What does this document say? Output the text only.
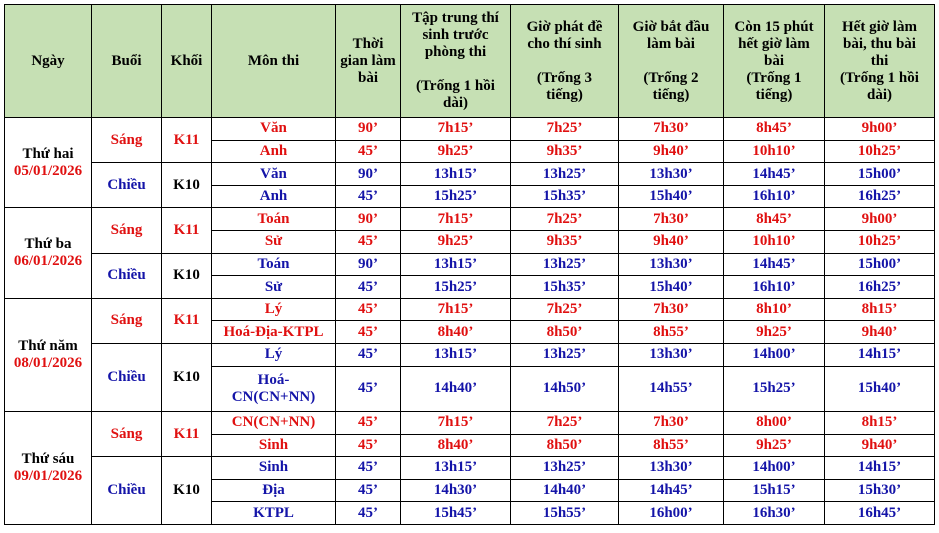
Ngày	Buổi	Khối	Môn thi	Thời
gian làm
bài	Tập trung thí
sinh trước
phòng thi

(Trống 1 hồi
dài)	Giờ phát đề
cho thí sinh

(Trống 3
tiếng)	Giờ bắt đầu
làm bài

(Trống 2
tiếng)	Còn 15 phút
hết giờ làm
bài
(Trống 1
tiếng)	Hết giờ làm
bài, thu bài
thi
(Trống 1 hồi
dài)
Thứ hai

05/01/2026	Sáng	K11	Văn	90’	7h15’	7h25’	7h30’	8h45’	9h00’
			Anh	45’	9h25’	9h35’	9h40’	10h10’	10h25’
	Chiều	K10	Văn	90’	13h15’	13h25’	13h30’	14h45’	15h00’
			Anh	45’	15h25’	15h35’	15h40’	16h10’	16h25’
Thứ ba

06/01/2026	Sáng	K11	Toán	90’	7h15’	7h25’	7h30’	8h45’	9h00’
			Sử	45’	9h25’	9h35’	9h40’	10h10’	10h25’
	Chiều	K10	Toán	90’	13h15’	13h25’	13h30’	14h45’	15h00’
			Sử	45’	15h25’	15h35’	15h40’	16h10’	16h25’
Thứ năm

08/01/2026	Sáng	K11	Lý	45’	7h15’	7h25’	7h30’	8h10’	8h15’
			Hoá-Địa-KTPL	45’	8h40’	8h50’	8h55’	9h25’	9h40’
	Chiều	K10	Lý	45’	13h15’	13h25’	13h30’	14h00’	14h15’
			Hoá-
CN(CN+NN)	45’	14h40’	14h50’	14h55’	15h25’	15h40’
Thứ sáu

09/01/2026	Sáng	K11	CN(CN+NN)	45’	7h15’	7h25’	7h30’	8h00’	8h15’
			Sinh	45’	8h40’	8h50’	8h55’	9h25’	9h40’
	Chiều	K10	Sinh	45’	13h15’	13h25’	13h30’	14h00’	14h15’
			Địa	45’	14h30’	14h40’	14h45’	15h15’	15h30’
			KTPL	45’	15h45’	15h55’	16h00’	16h30’	16h45’
